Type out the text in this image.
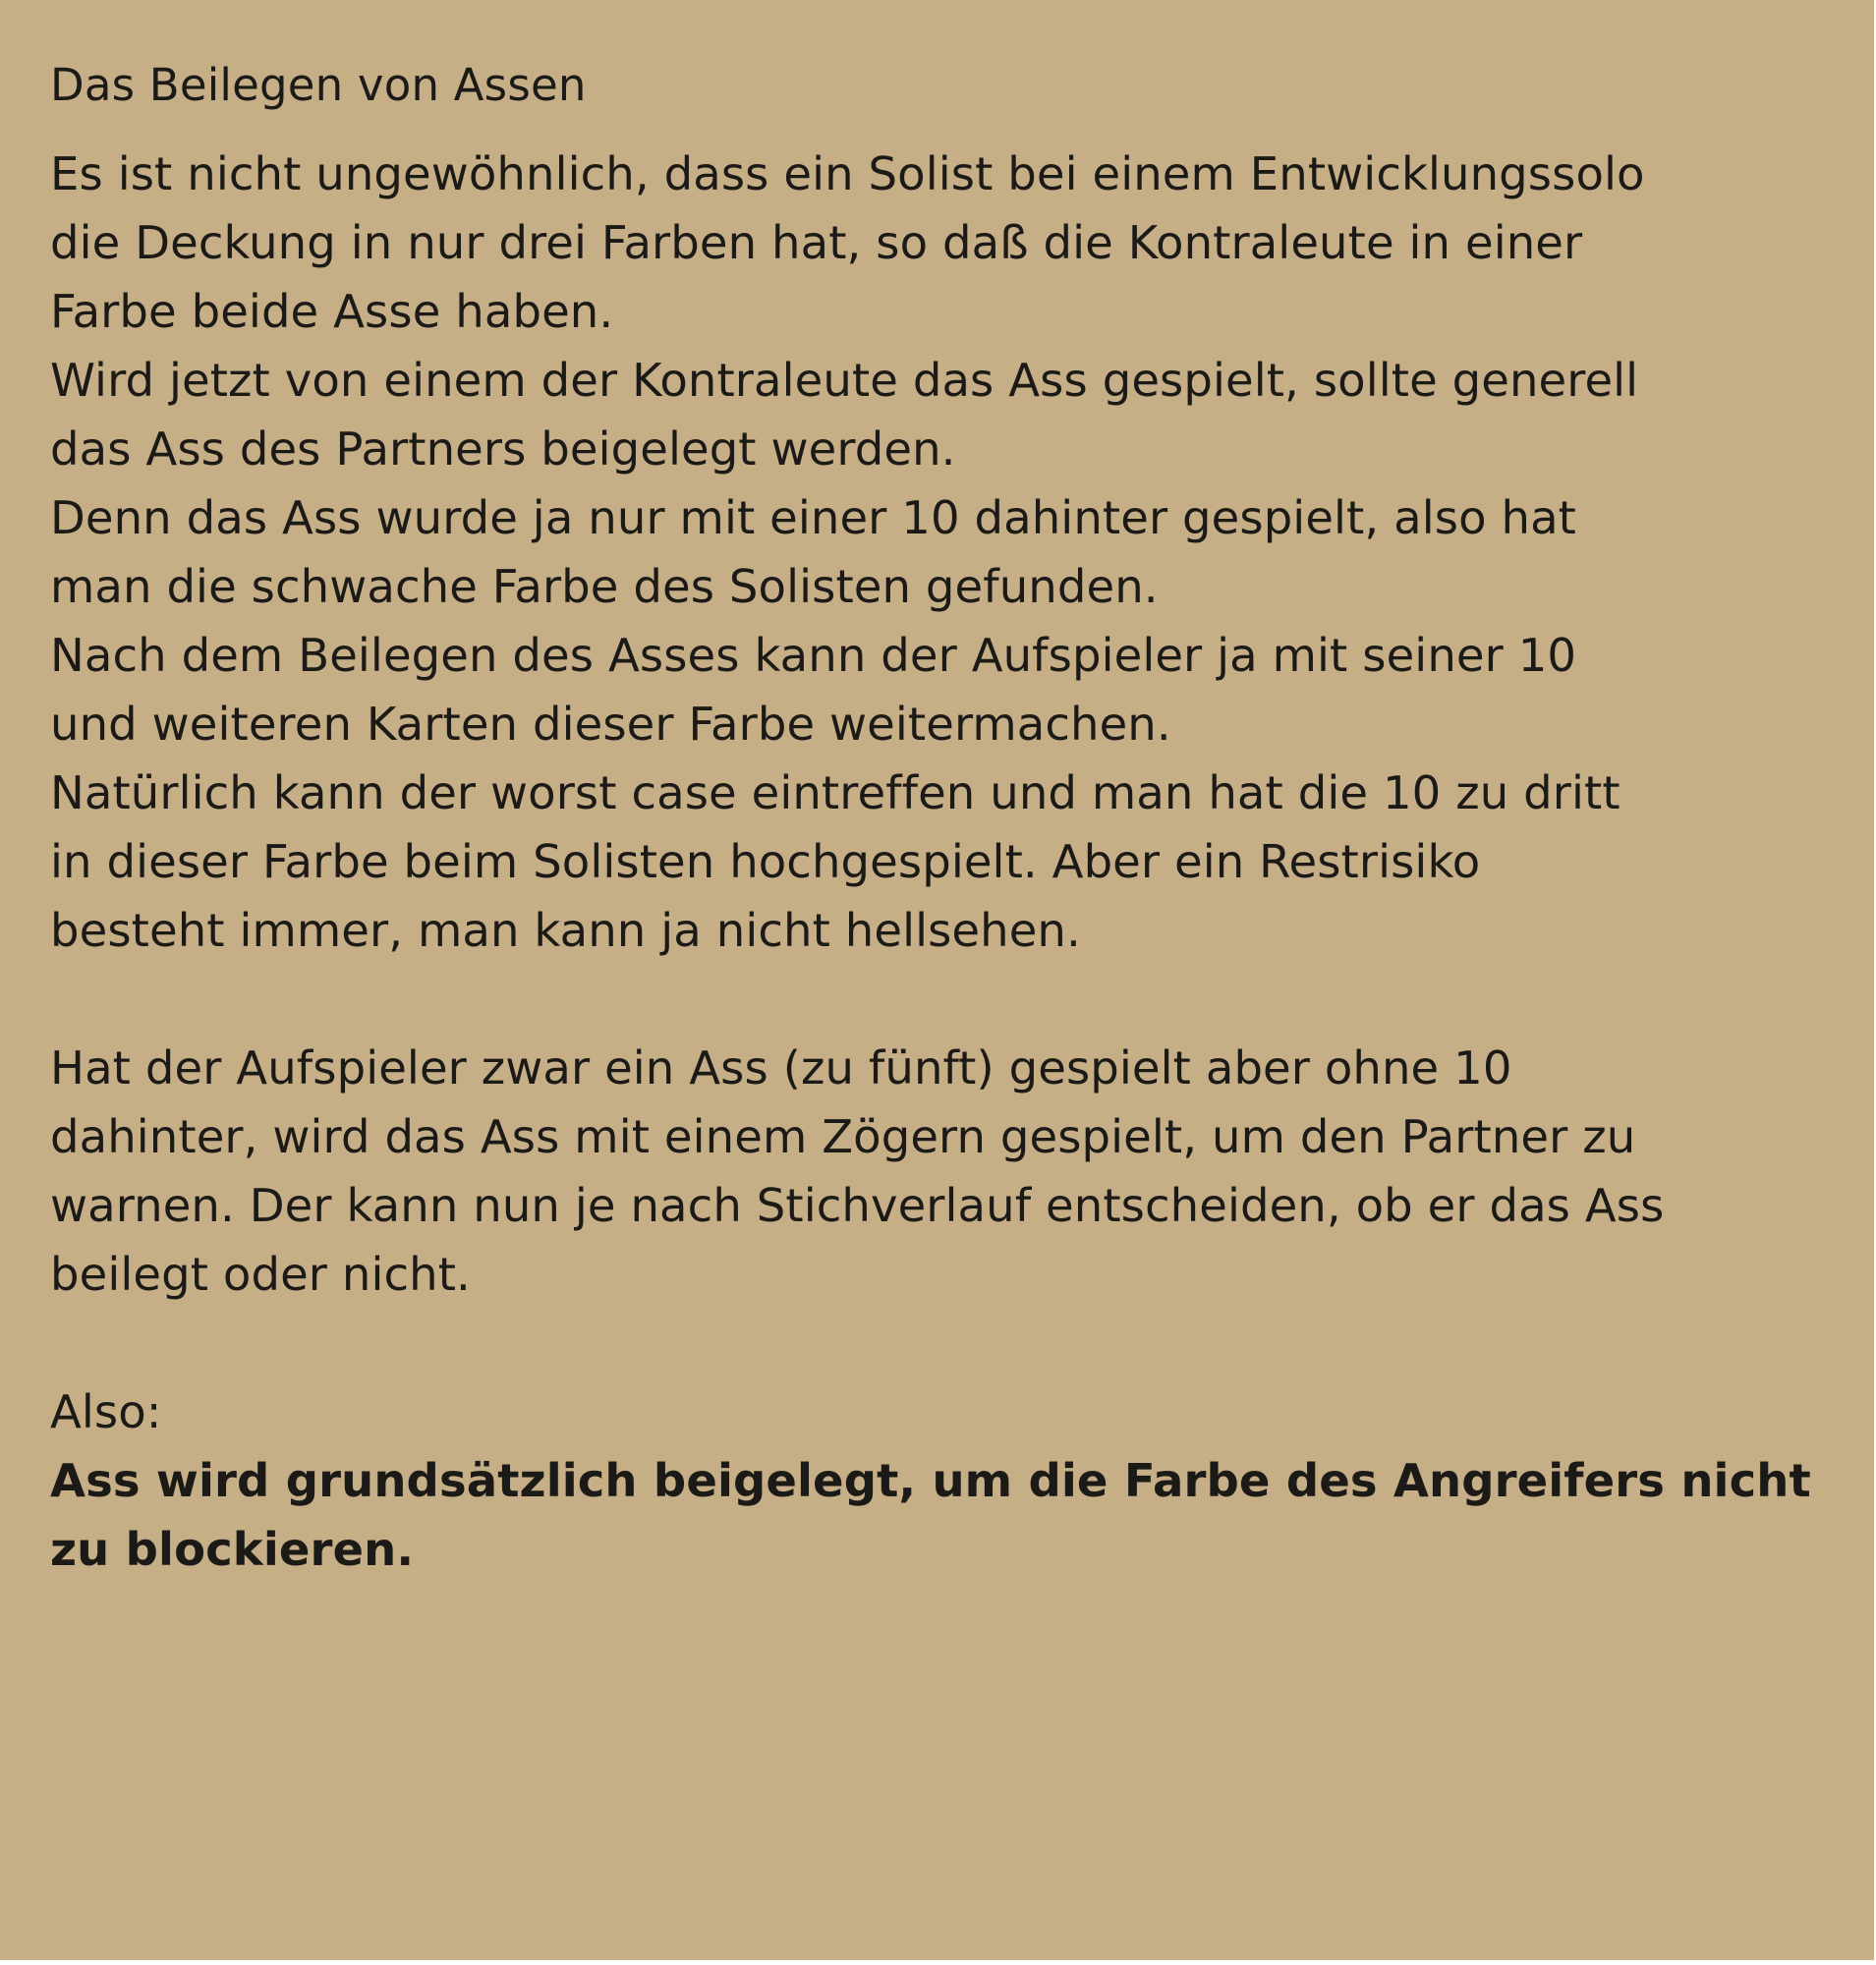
Das Beilegen von Assen
Es ist nicht ungewöhnlich, dass ein Solist bei einem Entwicklungssolo
die Deckung in nur drei Farben hat, so daß die Kontraleute in einer
Farbe beide Asse haben.
Wird jetzt von einem der Kontraleute das Ass gespielt, sollte generell
das Ass des Partners beigelegt werden.
Denn das Ass wurde ja nur mit einer 10 dahinter gespielt, also hat
man die schwache Farbe des Solisten gefunden.
Nach dem Beilegen des Asses kann der Aufspieler ja mit seiner 10
und weiteren Karten dieser Farbe weitermachen.
Natürlich kann der worst case eintreffen und man hat die 10 zu dritt
in dieser Farbe beim Solisten hochgespielt. Aber ein Restrisiko
besteht immer, man kann ja nicht hellsehen.
Hat der Aufspieler zwar ein Ass (zu fünft) gespielt aber ohne 10
dahinter, wird das Ass mit einem Zögern gespielt, um den Partner zu
warnen. Der kann nun je nach Stichverlauf entscheiden, ob er das Ass
beilegt oder nicht.
Also:
Ass wird grundsätzlich beigelegt, um die Farbe des Angreifers nicht
zu blockieren.
